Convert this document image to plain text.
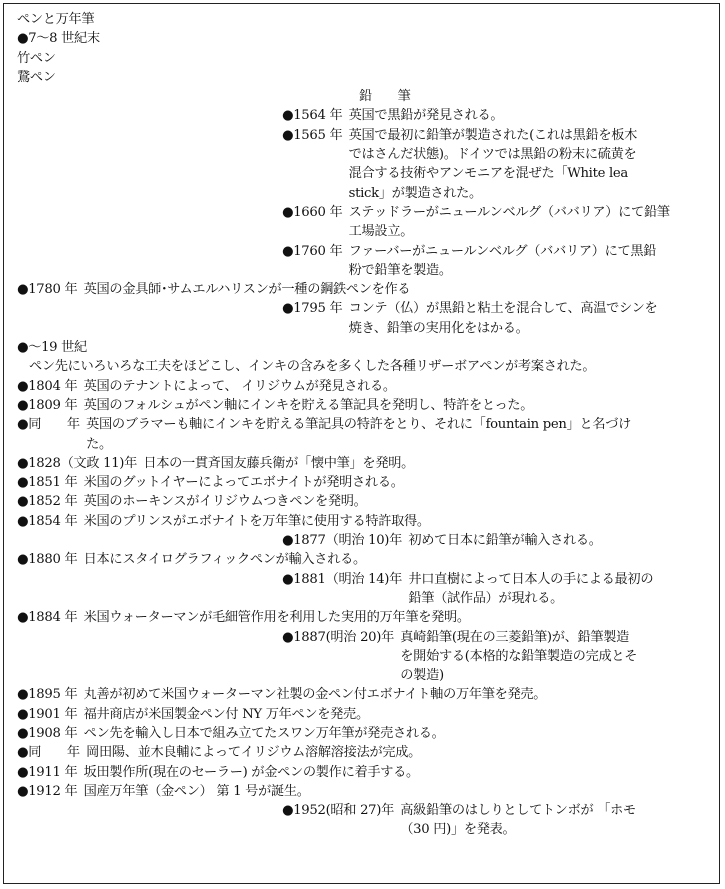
ペンと万年筆
●7～8 世紀末
竹ペン
鵞ペン
鉛　　筆
●1564 年  英国で黒鉛が発見される。
●1565 年  英国で最初に鉛筆が製造された(これは黒鉛を板木
ではさんだ状態)。ドイツでは黒鉛の粉末に硫黄を
混合する技術やアンモニアを混ぜた「White lea
stick」が製造された。
●1660 年  ステッドラーがニュールンベルグ（ババリア）にて鉛筆
工場設立。
●1760 年  ファーバーがニュールンベルグ（ババリア）にて黒鉛
粉で鉛筆を製造。
●1780 年  英国の金具師･サムエルハリスンが一種の鋼鉄ペンを作る
●1795 年  コンテ（仏）が黒鉛と粘土を混合して、高温でシンを
焼き、鉛筆の実用化をはかる。
●～19 世紀
ペン先にいろいろな工夫をほどこし、インキの含みを多くした各種リザーボアペンが考案された。
●1804 年  英国のテナントによって、 イリジウムが発見される。
●1809 年  英国のフォルシュがペン軸にインキを貯える筆記具を発明し、特許をとった。
●同　　年  英国のブラマーも軸にインキを貯える筆記具の特許をとり、それに「fountain pen」と名づけ
た。
●1828（文政 11)年  日本の一貫斉国友藤兵衛が「懐中筆」を発明。
●1851 年  米国のグットイヤーによってエボナイトが発明される。
●1852 年  英国のホーキンスがイリジウムつきペンを発明。
●1854 年  米国のプリンスがエボナイトを万年筆に使用する特許取得。
●1877（明治 10)年  初めて日本に鉛筆が輸入される。
●1880 年  日本にスタイログラフィックペンが輸入される。
●1881（明治 14)年  井口直樹によって日本人の手による最初の
鉛筆（試作品）が現れる。
●1884 年  米国ウォーターマンが毛細管作用を利用した実用的万年筆を発明。
●1887(明治 20)年  真崎鉛筆(現在の三菱鉛筆)が、鉛筆製造
を開始する(本格的な鉛筆製造の完成とそ
の製造)
●1895 年  丸善が初めて米国ウォーターマン社製の金ペン付エボナイト軸の万年筆を発売。
●1901 年  福井商店が米国製金ペン付 NY 万年ペンを発売。
●1908 年  ペン先を輸入し日本で組み立てたスワン万年筆が発売される。
●同　　年  岡田陽、並木良輔によってイリジウム溶解溶接法が完成。
●1911 年  坂田製作所(現在のセーラー) が金ペンの製作に着手する。
●1912 年  国産万年筆（金ペン） 第 1 号が誕生。
●1952(昭和 27)年  高級鉛筆のはしりとしてトンボが 「ホモ
（30 円)」を発表。
